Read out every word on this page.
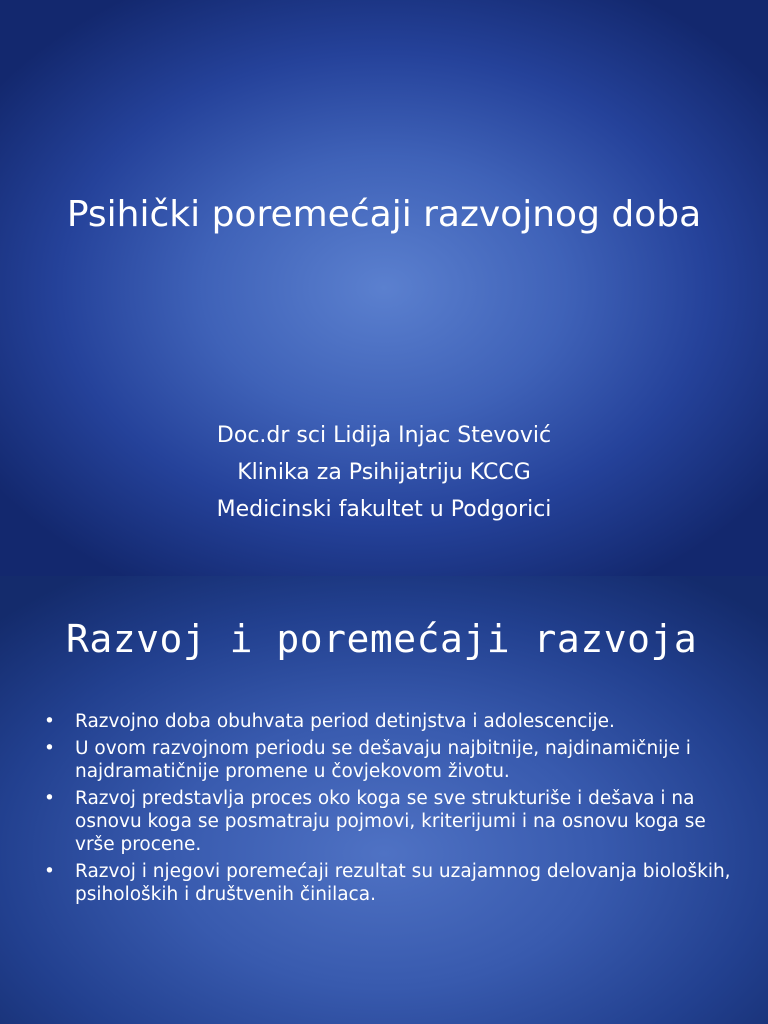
Psihički poremećaji razvojnog doba
Doc.dr sci Lidija Injac Stevović
Klinika za Psihijatriju KCCG
Medicinski fakultet u Podgorici
Razvoj i poremećaji razvoja
• Razvojno doba obuhvata period detinjstva i adolescencije.
• U ovom razvojnom periodu se dešavaju najbitnije, najdinamičnije i najdramatičnije promene u čovjekovom životu.
• Razvoj predstavlja proces oko koga se sve strukturiše i dešava i na osnovu koga se posmatraju pojmovi, kriterijumi i na osnovu koga se vrše procene.
• Razvoj i njegovi poremećaji rezultat su uzajamnog delovanja bioloških, psiholoških i društvenih činilaca.
